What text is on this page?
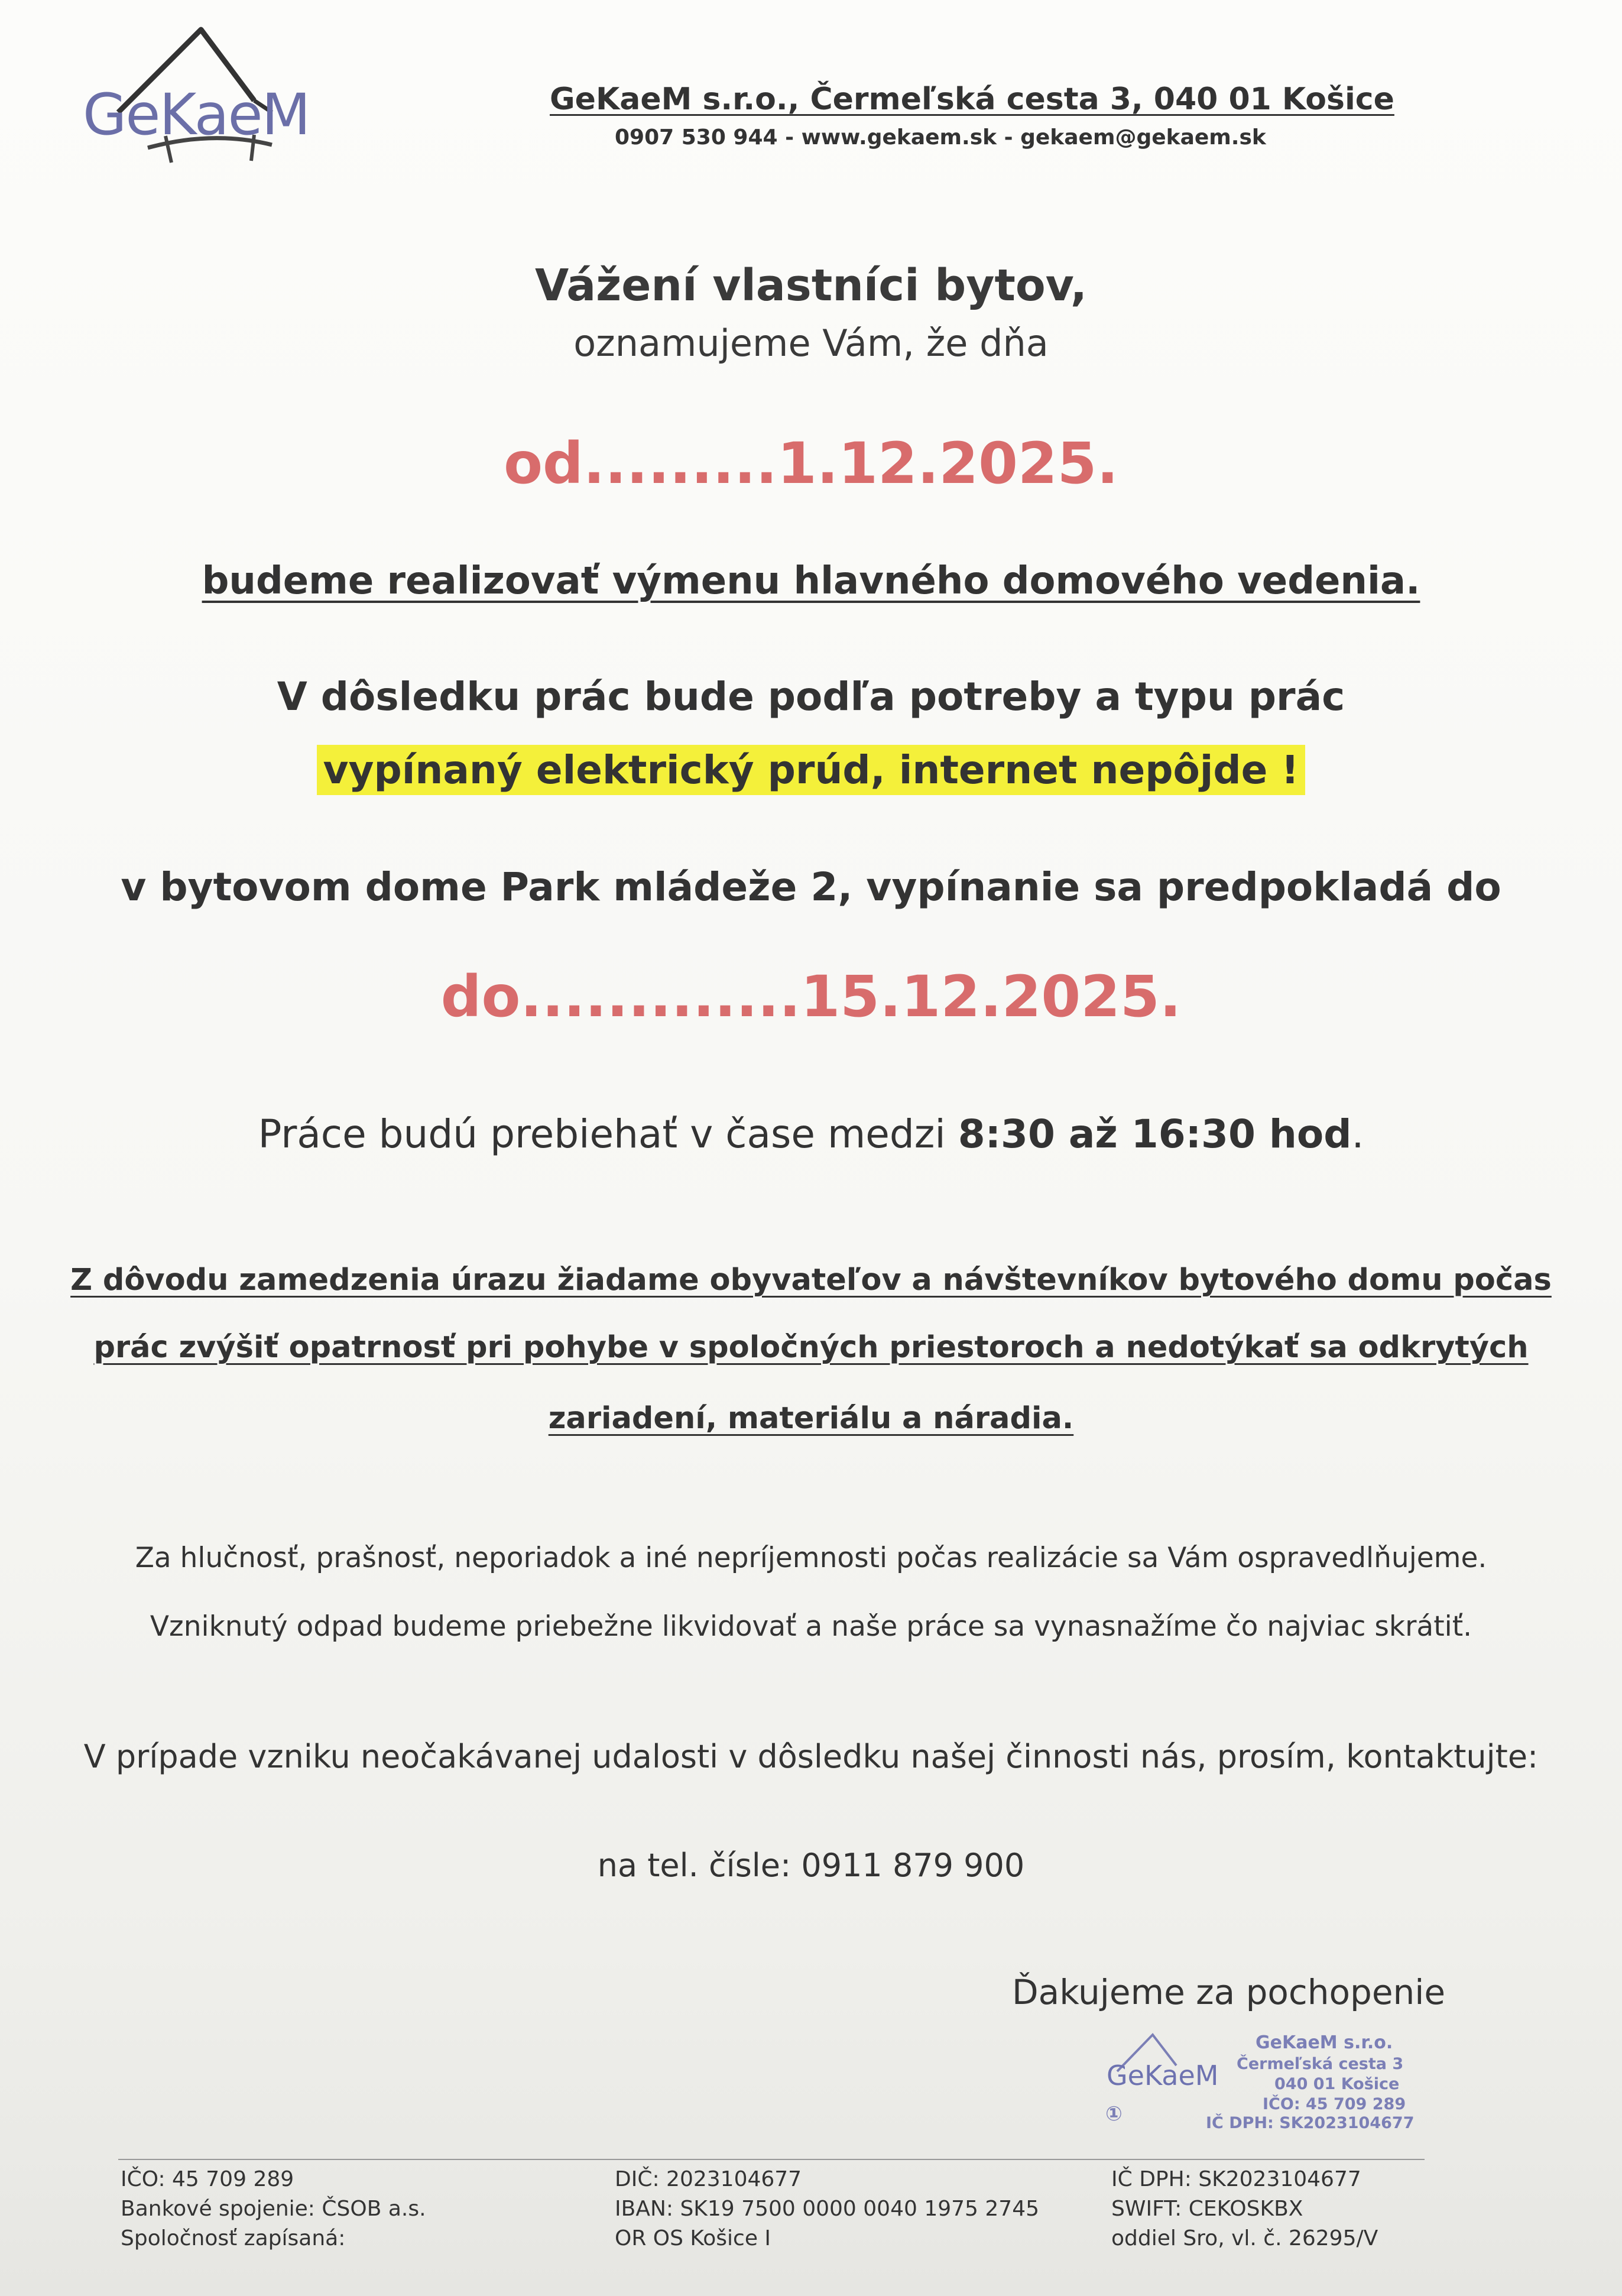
GeKaeM	GeKaeM s.r.o., Čermeľská cesta 3, 040 01 Košice
0907 530 944 - www.gekaem.sk - gekaem@gekaem.sk
Vážení vlastníci bytov,
oznamujeme Vám, že dňa
od.........1.12.2025.
budeme realizovať výmenu hlavného domového vedenia.
V dôsledku prác bude podľa potreby a typu prác
vypínaný elektrický prúd, internet nepôjde !
v bytovom dome Park mládeže 2, vypínanie sa predpokladá do
do.............15.12.2025.
Práce budú prebiehať v čase medzi 8:30 až 16:30 hod.
Z dôvodu zamedzenia úrazu žiadame obyvateľov a návštevníkov bytového domu počas
prác zvýšiť opatrnosť pri pohybe v spoločných priestoroch a nedotýkať sa odkrytých
zariadení, materiálu a náradia.
Za hlučnosť, prašnosť, neporiadok a iné nepríjemnosti počas realizácie sa Vám ospravedlňujeme.
Vzniknutý odpad budeme priebežne likvidovať a naše práce sa vynasnažíme čo najviac skrátiť.
V prípade vzniku neočakávanej udalosti v dôsledku našej činnosti nás, prosím, kontaktujte:
na tel. čísle: 0911 879 900
Ďakujeme za pochopenie
GeKaeM
GeKaeM s.r.o.
Čermeľská cesta 3
040 01 Košice
IČO: 45 709 289
IČ DPH: SK2023104677
①
IČO: 45 709 289
Bankové spojenie: ČSOB a.s.
Spoločnosť zapísaná:
DIČ: 2023104677
IBAN: SK19 7500 0000 0040 1975 2745
OR OS Košice I
IČ DPH: SK2023104677
SWIFT: CEKOSKBX
oddiel Sro, vl. č. 26295/V
